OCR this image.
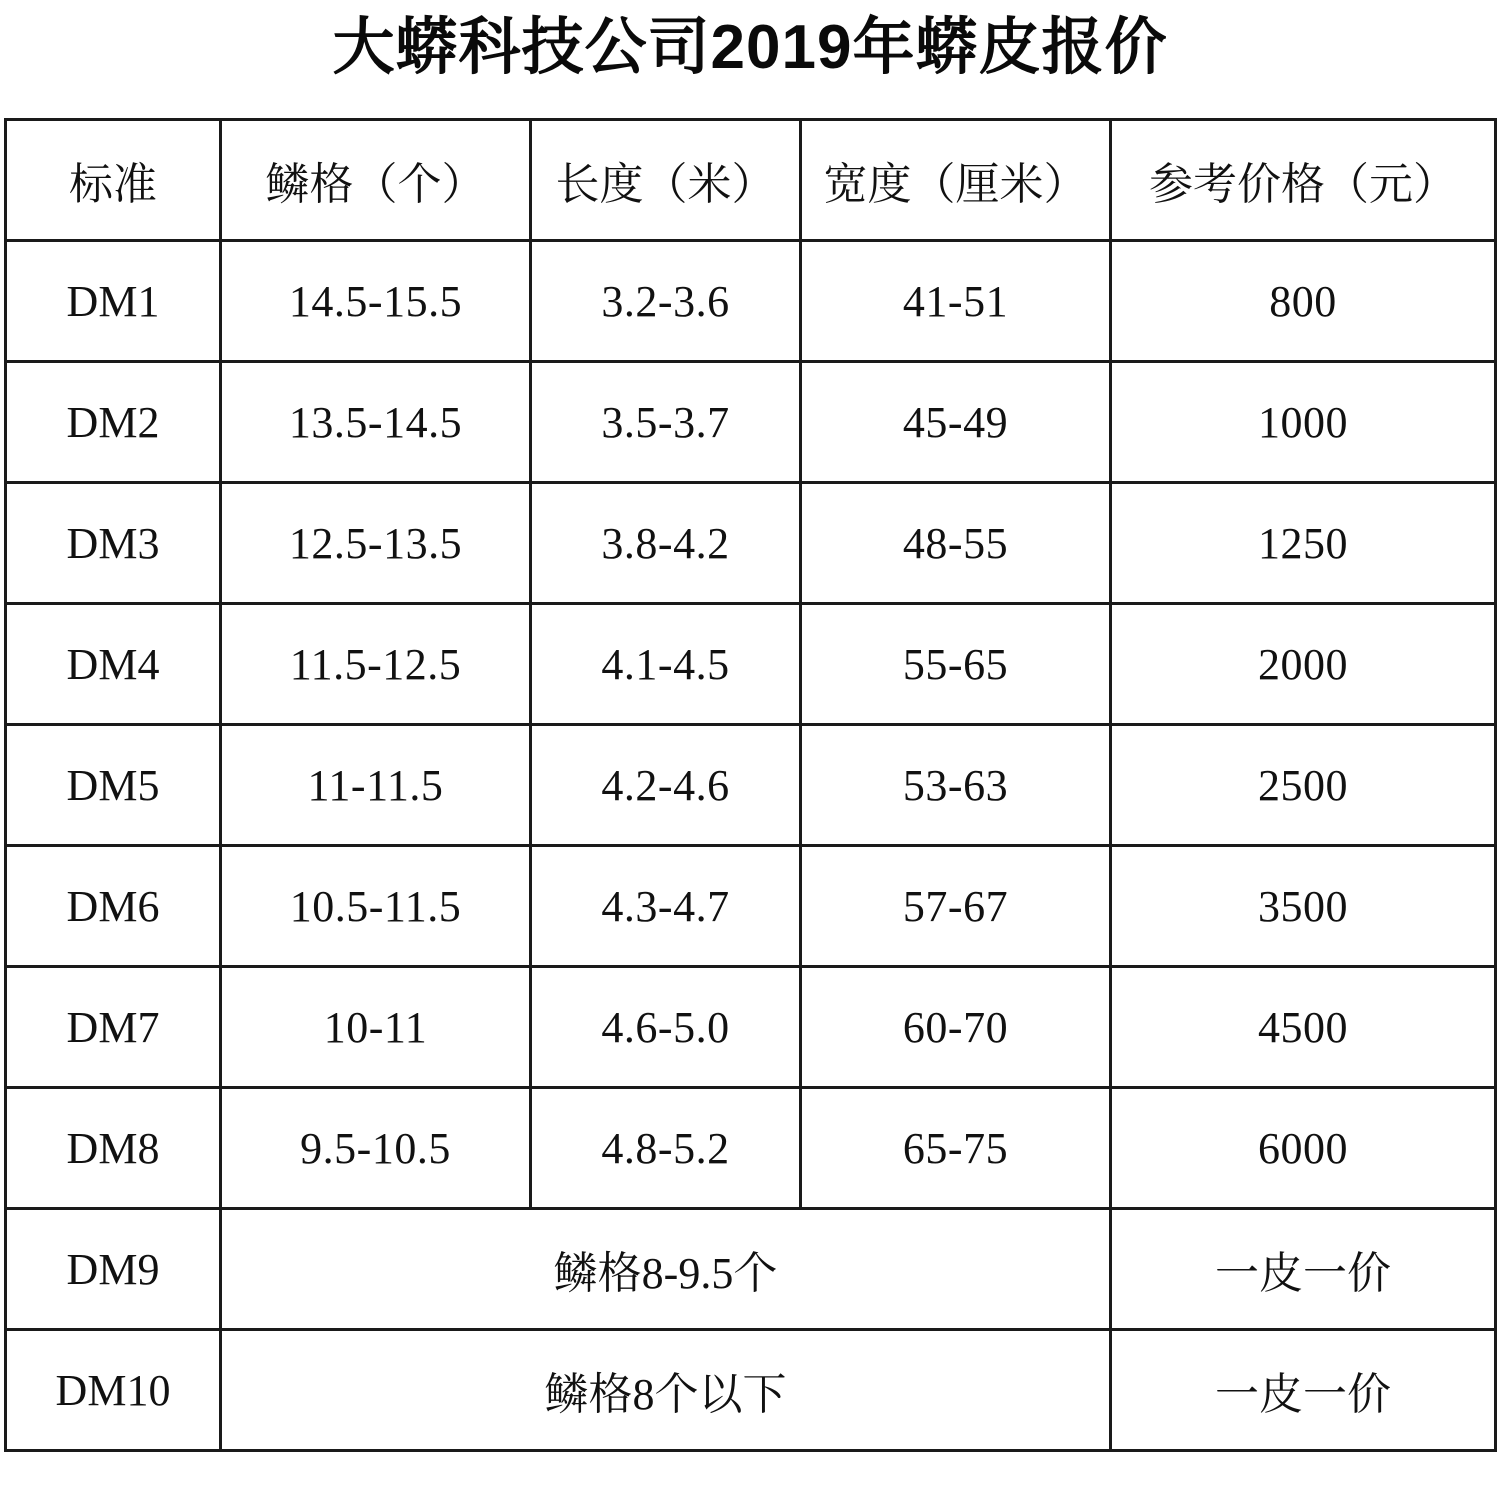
大蟒科技公司2019年蟒皮报价
标准	鳞格（个）	长度（米）	宽度（厘米）	参考价格（元）
DM1	14.5-15.5	3.2-3.6	41-51	800
DM2	13.5-14.5	3.5-3.7	45-49	1000
DM3	12.5-13.5	3.8-4.2	48-55	1250
DM4	11.5-12.5	4.1-4.5	55-65	2000
DM5	11-11.5	4.2-4.6	53-63	2500
DM6	10.5-11.5	4.3-4.7	57-67	3500
DM7	10-11	4.6-5.0	60-70	4500
DM8	9.5-10.5	4.8-5.2	65-75	6000
DM9	鳞格8-9.5个			一皮一价
DM10	鳞格8个以下			一皮一价
